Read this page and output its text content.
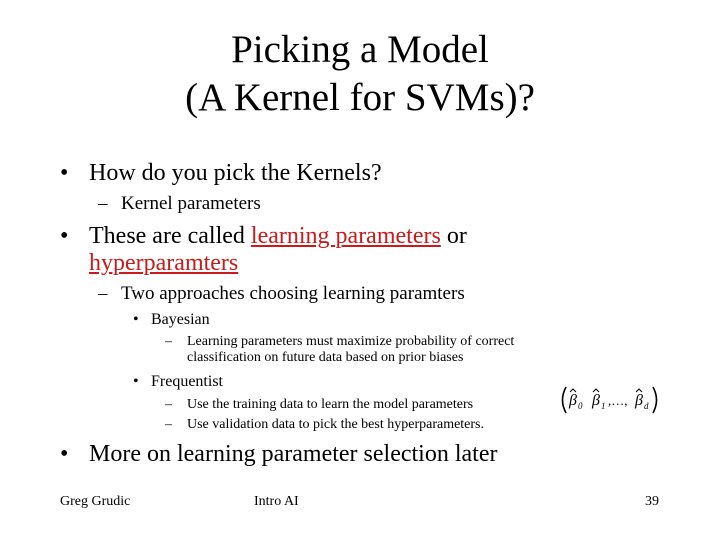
Picking a Model
(A Kernel for SVMs)?
• How do you pick the Kernels?
– Kernel parameters
• These are called learning parameters or
hyperparamters
– Two approaches choosing learning paramters
• Bayesian
– Learning parameters must maximize probability of correct
classification on future data based on prior biases
• Frequentist
– Use the training data to learn the model parameters
– Use validation data to pick the best hyperparameters.
β 0 β 1 ,…, β d
• More on learning parameter selection later
Greg Grudic	Intro AI	39
